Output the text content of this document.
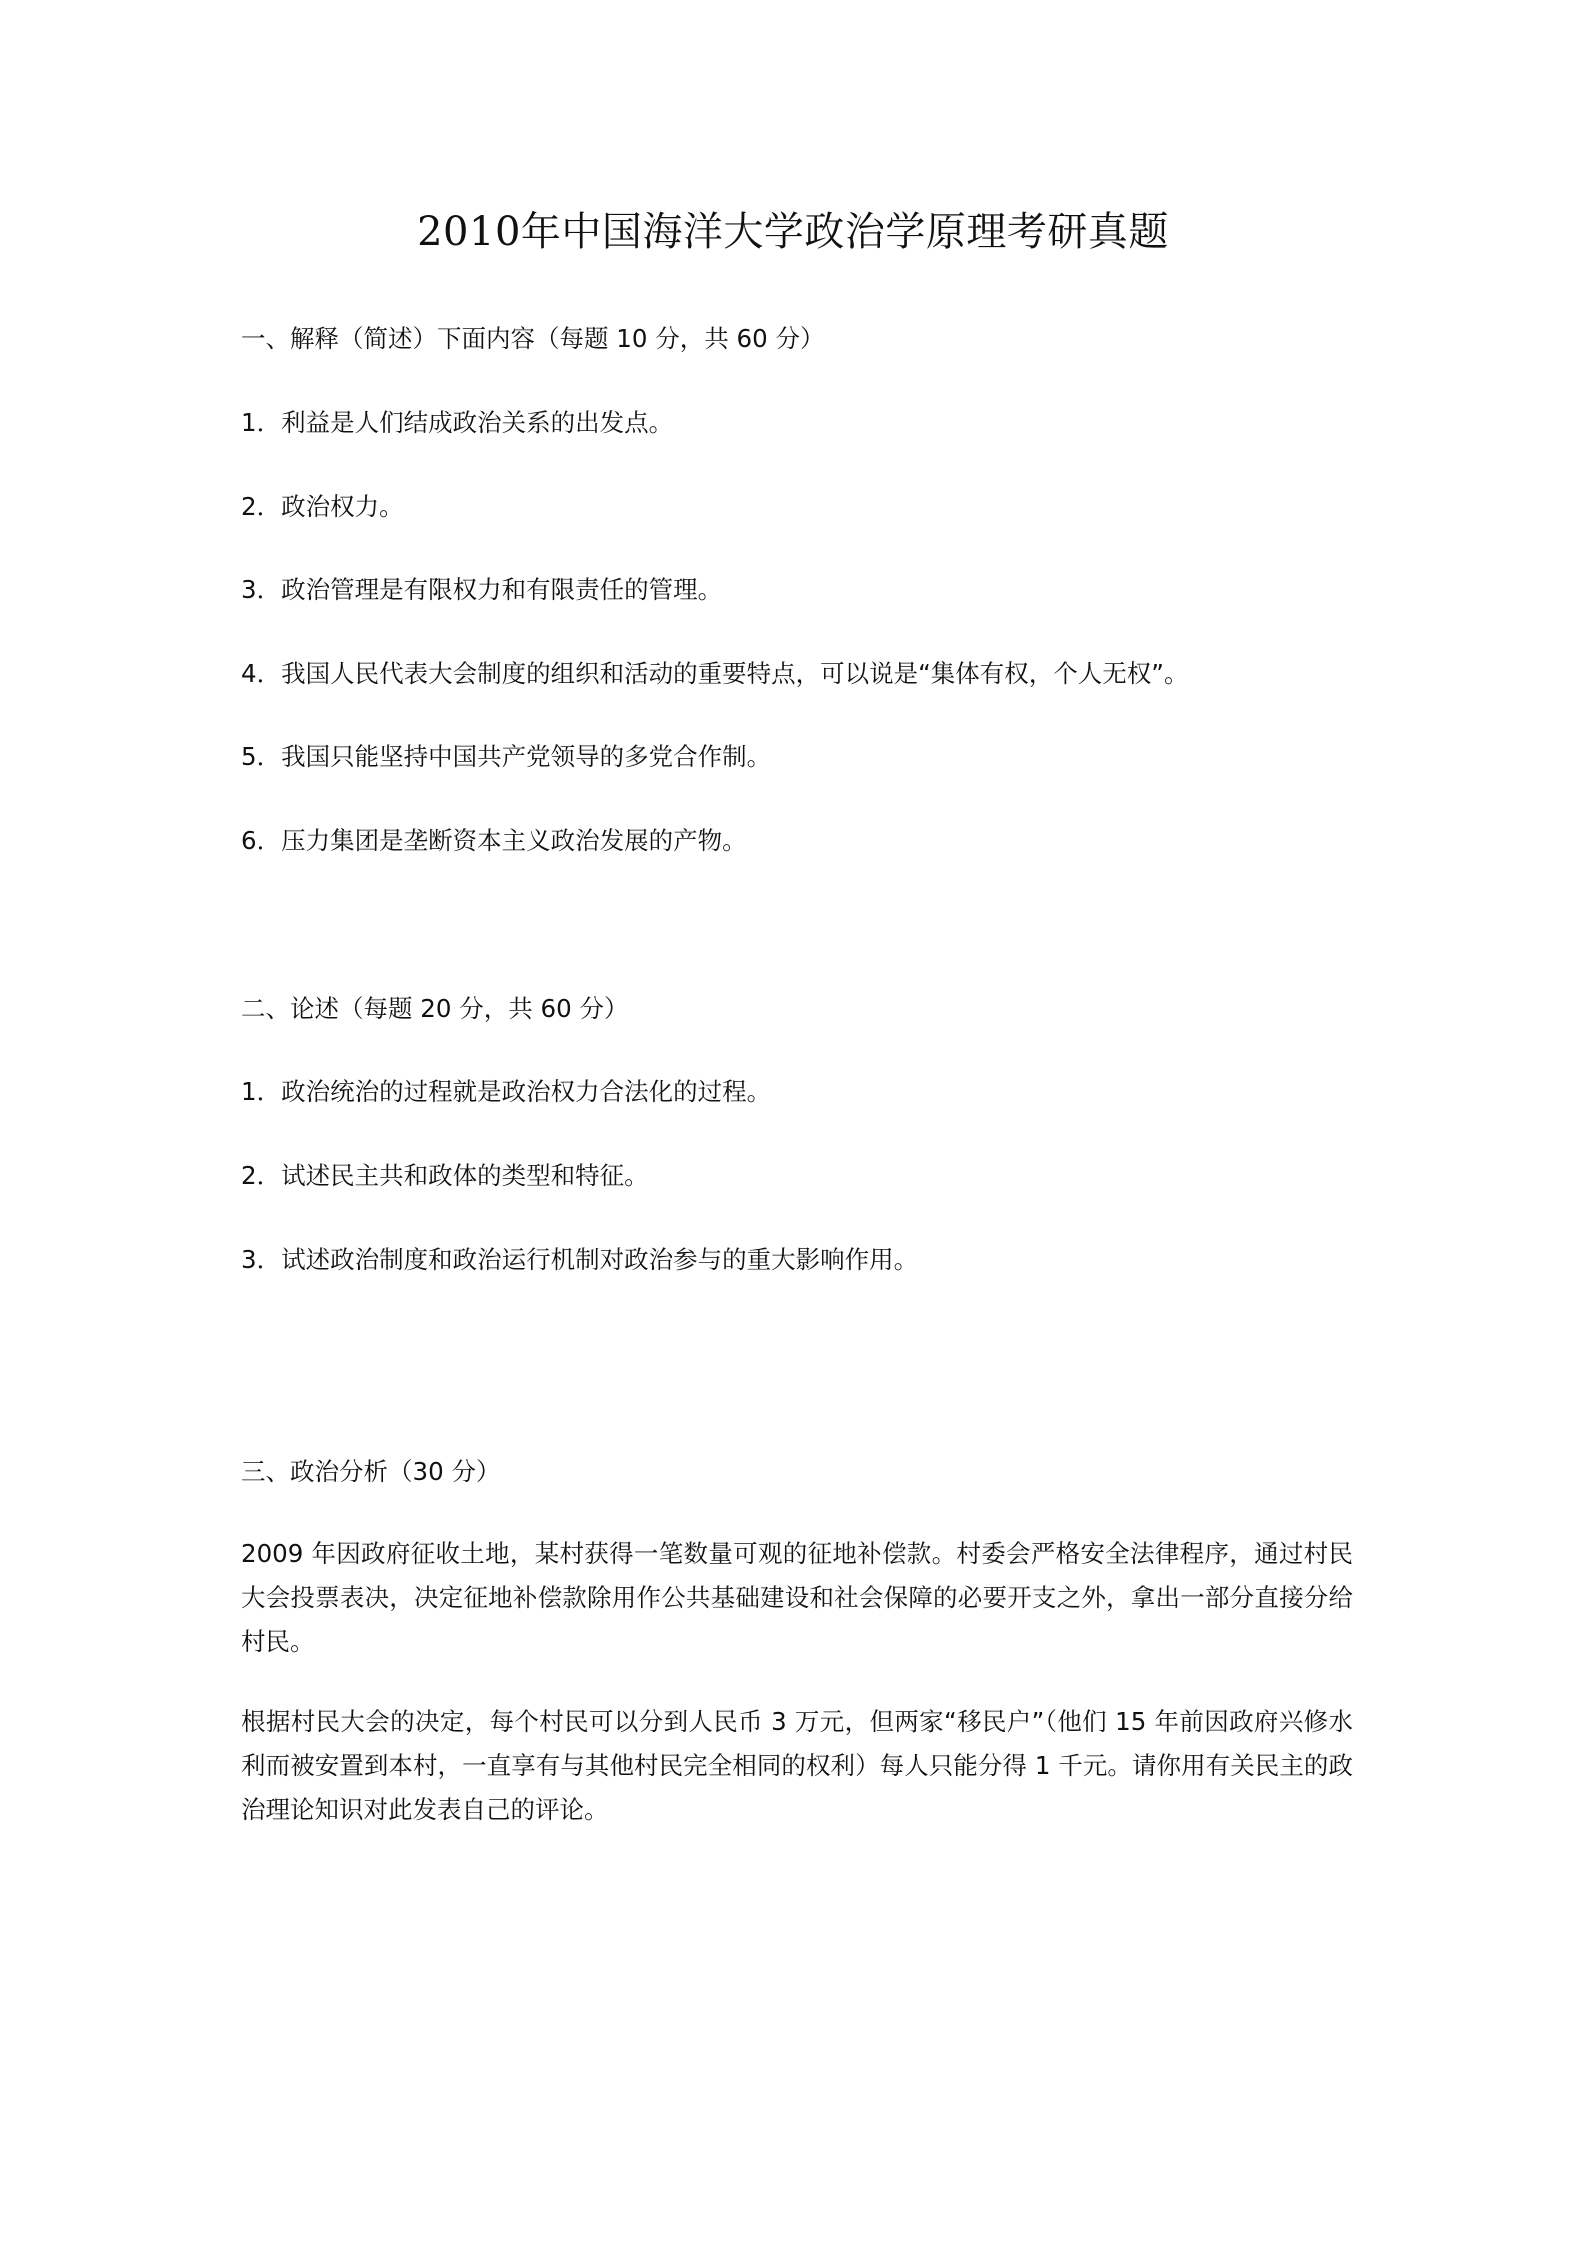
2010年中国海洋大学政治学原理考研真题
一、解释（简述）下面内容（每题 10 分，共 60 分）
1．利益是人们结成政治关系的出发点。
2．政治权力。
3．政治管理是有限权力和有限责任的管理。
4．我国人民代表大会制度的组织和活动的重要特点，可以说是“集体有权，个人无权”。
5．我国只能坚持中国共产党领导的多党合作制。
6．压力集团是垄断资本主义政治发展的产物。
二、论述（每题 20 分，共 60 分）
1．政治统治的过程就是政治权力合法化的过程。
2．试述民主共和政体的类型和特征。
3．试述政治制度和政治运行机制对政治参与的重大影响作用。
三、政治分析（30 分）
2009 年因政府征收土地，某村获得一笔数量可观的征地补偿款。村委会严格安全法律程序，通过村民大会投票表决，决定征地补偿款除用作公共基础建设和社会保障的必要开支之外，拿出一部分直接分给村民。
根据村民大会的决定，每个村民可以分到人民币 3 万元，但两家“移民户”（他们 15 年前因政府兴修水利而被安置到本村，一直享有与其他村民完全相同的权利）每人只能分得 1 千元。请你用有关民主的政治理论知识对此发表自己的评论。
